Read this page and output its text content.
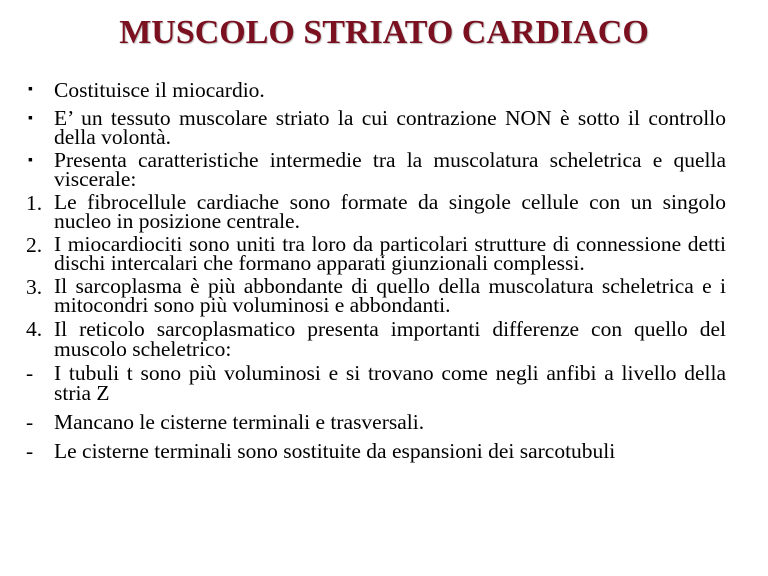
MUSCOLO STRIATO CARDIACO
▪ Costituisce il miocardio.
▪ E’ un tessuto muscolare striato la cui contrazione NON è sotto il controllo della volontà.
▪ Presenta caratteristiche intermedie tra la muscolatura scheletrica e quella viscerale:
1. Le fibrocellule cardiache sono formate da singole cellule con un singolo nucleo in posizione centrale.
2. I miocardiociti sono uniti tra loro da particolari strutture di connessione detti dischi intercalari che formano apparati giunzionali complessi.
3. Il sarcoplasma è più abbondante di quello della muscolatura scheletrica e i mitocondri sono più voluminosi e abbondanti.
4. Il reticolo sarcoplasmatico presenta importanti differenze con quello del muscolo scheletrico:
- I tubuli t sono più voluminosi e si trovano come negli anfibi a livello della stria Z
- Mancano le cisterne terminali e trasversali.
- Le cisterne terminali sono sostituite da espansioni dei sarcotubuli
